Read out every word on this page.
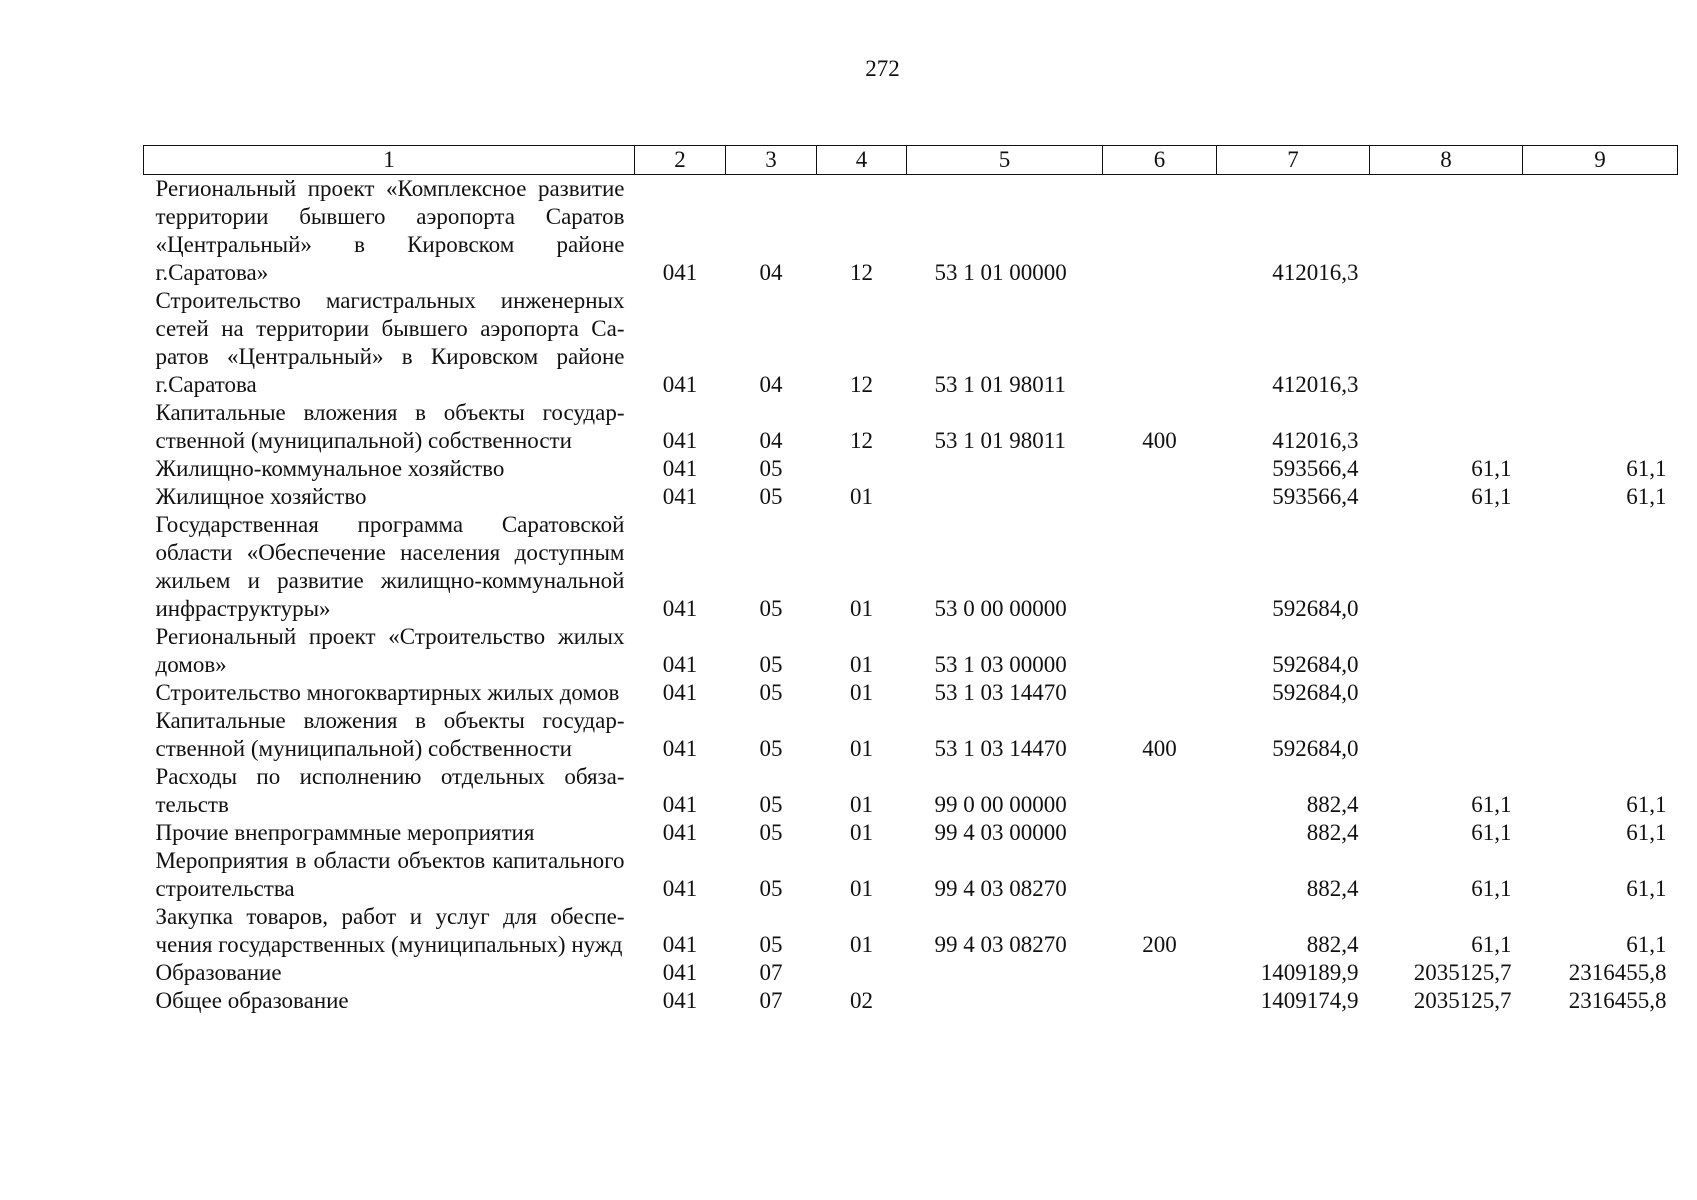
272
1	2	3	4	5	6	7	8	9
Региональный проект «Комплексное развитие территории бывшего аэропорта Саратов «Центральный» в Кировском районе г.Саратова»	041	04	12	53 1 01 00000		412016,3		
Строительство магистральных инженерных сетей на территории бывшего аэропорта Саратов «Центральный» в Кировском районе г.Саратова	041	04	12	53 1 01 98011		412016,3		
Капитальные вложения в объекты государственной (муниципальной) собственности	041	04	12	53 1 01 98011	400	412016,3		
Жилищно-коммунальное хозяйство	041	05				593566,4	61,1	61,1
Жилищное хозяйство	041	05	01			593566,4	61,1	61,1
Государственная программа Саратовской области «Обеспечение населения доступным жильем и развитие жилищно-коммунальной инфраструктуры»	041	05	01	53 0 00 00000		592684,0		
Региональный проект «Строительство жилых домов»	041	05	01	53 1 03 00000		592684,0		
Строительство многоквартирных жилых домов	041	05	01	53 1 03 14470		592684,0		
Капитальные вложения в объекты государственной (муниципальной) собственности	041	05	01	53 1 03 14470	400	592684,0		
Расходы по исполнению отдельных обязательств	041	05	01	99 0 00 00000		882,4	61,1	61,1
Прочие внепрограммные мероприятия	041	05	01	99 4 03 00000		882,4	61,1	61,1
Мероприятия в области объектов капитального строительства	041	05	01	99 4 03 08270		882,4	61,1	61,1
Закупка товаров, работ и услуг для обеспечения государственных (муниципальных) нужд	041	05	01	99 4 03 08270	200	882,4	61,1	61,1
Образование	041	07				1409189,9	2035125,7	2316455,8
Общее образование	041	07	02			1409174,9	2035125,7	2316455,8
